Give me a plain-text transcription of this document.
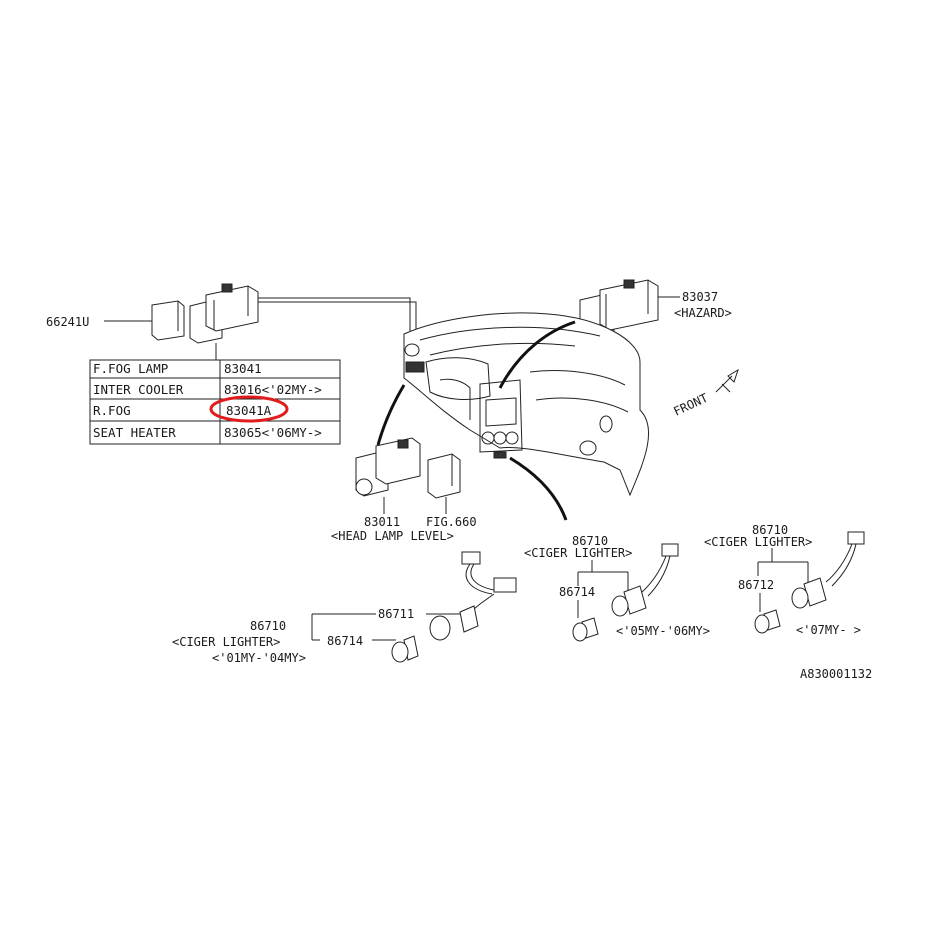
66241U
F.FOG LAMP	83041
INTER COOLER	83016<'02MY->
R.FOG	83041A
SEAT HEATER	83065<'06MY->
83037
<HAZARD>
FRONT
83011 FIG.660
<HEAD LAMP LEVEL>
86711
86710
86714
<CIGER LIGHTER>
<'01MY-'04MY>
86710
<CIGER LIGHTER>
86714
<'05MY-'06MY>
86710
<CIGER LIGHTER>
86712
<'07MY- >
A830001132
